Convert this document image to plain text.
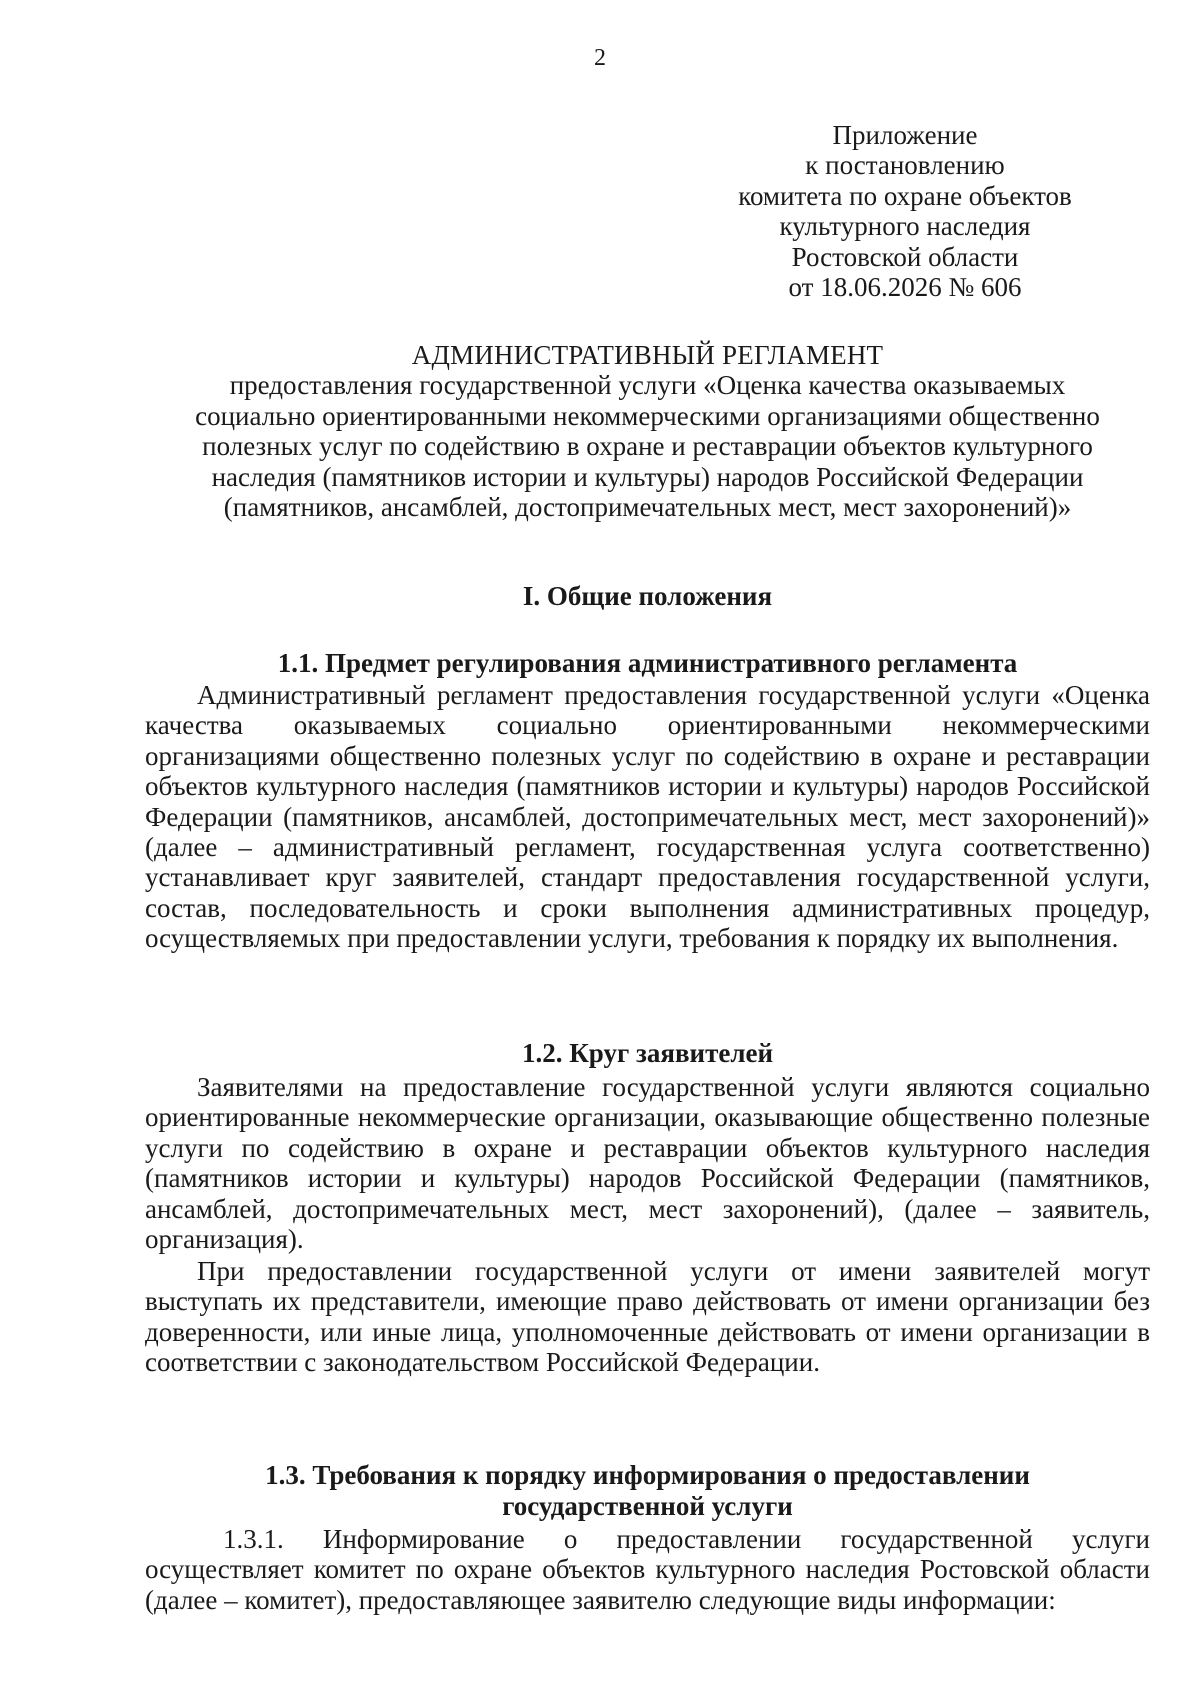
2
Приложение
к постановлению
комитета по охране объектов
культурного наследия
Ростовской области
от 18.06.2026 № 606
АДМИНИСТРАТИВНЫЙ РЕГЛАМЕНТ
предоставления государственной услуги «Оценка качества оказываемых
социально ориентированными некоммерческими организациями общественно
полезных услуг по содействию в охране и реставрации объектов культурного
наследия (памятников истории и культуры) народов Российской Федерации
(памятников, ансамблей, достопримечательных мест, мест захоронений)»
I. Общие положения
1.1. Предмет регулирования административного регламента

Административный регламент предоставления государственной услуги «Оценка качества оказываемых социально ориентированными некоммерческими организациями общественно полезных услуг по содействию в охране и реставрации объектов культурного наследия (памятников истории и культуры) народов Российской Федерации (памятников, ансамблей, достопримечательных мест, мест захоронений)» (далее – административный регламент, государственная услуга соответственно) устанавливает круг заявителей, стандарт предоставления государственной услуги, состав, последовательность и сроки выполнения административных процедур, осуществляемых при предоставлении услуги, требования к порядку их выполнения.

1.2. Круг заявителей

Заявителями на предоставление государственной услуги являются социально ориентированные некоммерческие организации, оказывающие общественно полезные услуги по содействию в охране и реставрации объектов культурного наследия (памятников истории и культуры) народов Российской Федерации (памятников, ансамблей, достопримечательных мест, мест захоронений), (далее – заявитель, организация).

При предоставлении государственной услуги от имени заявителей могут выступать их представители, имеющие право действовать от имени организации без доверенности, или иные лица, уполномоченные действовать от имени организации в соответствии с законодательством Российской Федерации.

1.3. Требования к порядку информирования о предоставлении
государственной услуги

1.3.1. Информирование о предоставлении государственной услуги осуществляет комитет по охране объектов культурного наследия Ростовской области (далее – комитет), предоставляющее заявителю следующие виды информации:
